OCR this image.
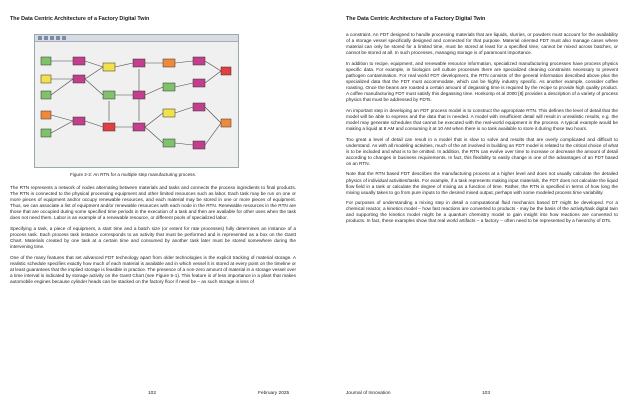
The Data Centric Architecture of a Factory Digital Twin
Figure 2-2: An RTN for a multiple step manufacturing process.

The RTN represents a network of nodes alternating between materials and tasks and connects the process ingredients to final products. The RTN is connected to the physical processing equipment and other limited resources such as labor. Each task may be run on one or more pieces of equipment and/or occupy renewable resources, and each material may be stored in one or more pieces of equipment. Thus, we can associate a list of equipment and/or renewable resources with each node in the RTN. Renewable resources in the RTN are those that are occupied during some specified time periods in the execution of a task and then are available for other uses when the task does not need them. Labor is an example of a renewable resource, or different pools of specialized labor.

Specifying a task, a piece of equipment, a start time and a batch size (or extent for rate processes) fully determines an instance of a process task. Each process task instance corresponds to an activity that must be performed and is represented as a box on the Gantt Chart. Materials created by one task at a certain time and consumed by another task later must be stored somewhere during the intervening time.

One of the many features that set advanced FDT technology apart from older technologies is the explicit tracking of material storage. A realistic schedule specifies exactly how much of each material is available and in which vessel it is stored at every point on the timeline or at least guarantees that the implied storage is feasible in practice. The presence of a non-zero amount of material in a storage vessel over a time interval is indicated by storage activity on the Gantt Chart (see Figure 5-1). This feature is of less importance in a plant that makes automobile engines because cylinder heads can be stacked on the factory floor if need be – as such storage is less of

102	February 2025
The Data Centric Architecture of a Factory Digital Twin

a constraint. An FDT designed to handle processing materials that are liquids, slurries, or powders must account for the availability of a storage vessel specifically designed and connected for that purpose. Material oriented FDT must also manage cases where material can only be stored for a limited time, must be stored at least for a specified time, cannot be mixed across batches, or cannot be stored at all. In such processes, managing storage is of paramount importance.

In addition to recipe, equipment, and renewable resource information, specialized manufacturing processes have process physics specific data. For example, in biologics cell culture processes there are specialized cleaning constraints necessary to prevent pathogen contamination. For real world FDT development, the RTN consists of the general information described above plus the specialized data that the FDT must accommodate, which can be highly industry specific. As another example, consider coffee roasting. Once the beans are roasted a certain amount of degassing time is required by the recipe to provide high quality product. A coffee manufacturing FDT must satisfy this degassing time. Honkomp et al 2000 [8] provides a description of a variety of process physics that must be addressed by FDTs.

An important step in developing an FDT process model is to construct the appropriate RTN. This defines the level of detail that the model will be able to express and the data that is needed. A model with insufficient detail will result in unrealistic results, e.g. the model may generate schedules that cannot be executed with the real-world equipment in the process. A typical example would be making a liquid at 8 AM and consuming it at 10 AM when there is no tank available to store it during those two hours.

Too great a level of detail can result in a model that is slow to solve and results that are overly complicated and difficult to understand. As with all modeling activities, much of the art involved in building an FDT model is related to the critical choice of what is to be included and what is to be omitted. In addition, the RTN can evolve over time to increase or decrease the amount of detail according to changes in business requirements. In fact, this flexibility to easily change is one of the advantages of an FDT based on an RTN.

Note that the RTN based FDT describes the manufacturing process at a higher level and does not usually calculate the detailed physics of individual activities/tasks. For example, if a task represents making input materials, the FDT does not calculate the liquid flow field in a tank or calculate the degree of mixing as a function of time. Rather, the RTN is specified in terms of how long the mixing usually takes to go from pure inputs to the desired mixed output, perhaps with some modeled process time variability.

For purposes of understanding a mixing step in detail a computational fluid mechanics based DT might be developed. For a chemical reactor, a kinetics model – how fast reactions are converted to products - may be the basis of the activity/task digital twin and supporting the kinetics model might be a quantum chemistry model to gain insight into how reactions are converted to products. In fact, these examples show that real world artifacts – a factory -- often need to be represented by a hierarchy of DTs.

Journal of Innovation	103
